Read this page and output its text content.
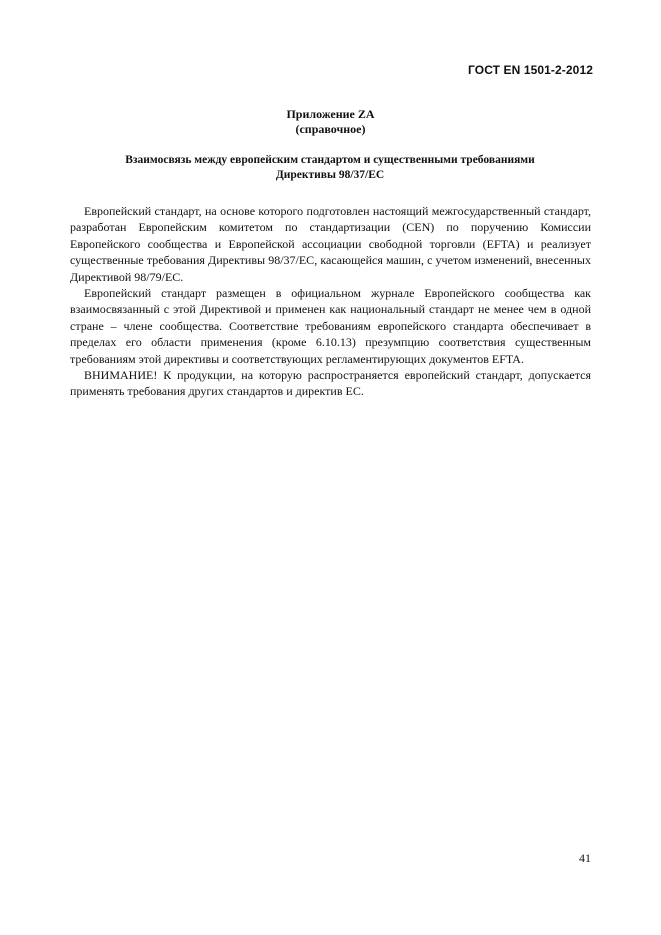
ГОСТ EN 1501-2-2012
Приложение ZA
(справочное)
Взаимосвязь между европейским стандартом и существенными требованиями
Директивы 98/37/ЕС

Европейский стандарт, на основе которого подготовлен настоящий межгосударственный стандарт, разработан Европейским комитетом по стандартизации (CEN) по поручению Комиссии Европейского сообщества и Европейской ассоциации свободной торговли (EFTA) и реализует существенные требования Директивы 98/37/ЕС, касающейся машин, с учетом изменений, внесенных Директивой 98/79/ЕС.

Европейский стандарт размещен в официальном журнале Европейского сообщества как взаимосвязанный с этой Директивой и применен как национальный стандарт не менее чем в одной стране – члене сообщества. Соответствие требованиям европейского стандарта обеспечивает в пределах его области применения (кроме 6.10.13) презумпцию соответствия существенным требованиям этой директивы и соответствующих регламентирующих документов EFTA.

ВНИМАНИЕ! К продукции, на которую распространяется европейский стандарт, допускается применять требования других стандартов и директив ЕС.

41
